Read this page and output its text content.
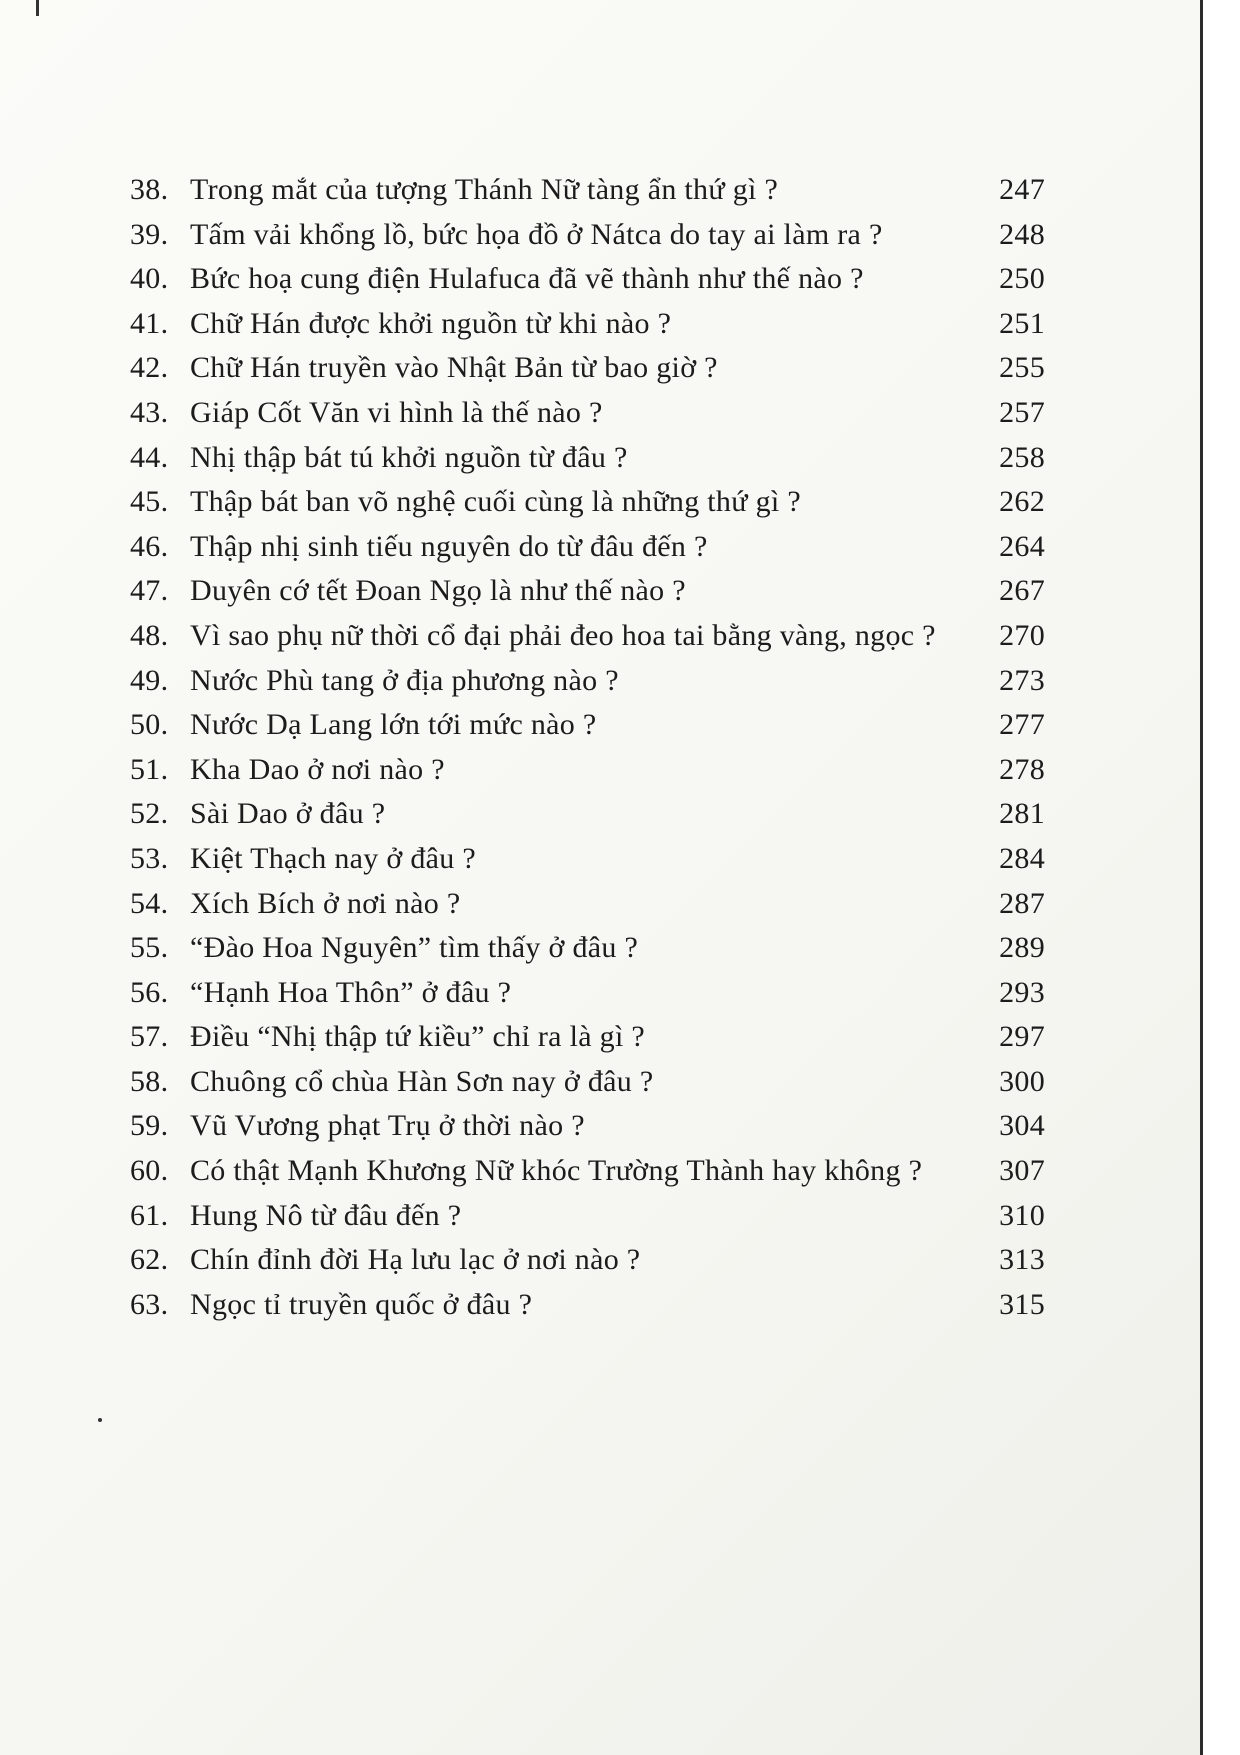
38. Trong mắt của tượng Thánh Nữ tàng ẩn thứ gì ?	247
39. Tấm vải khổng lồ, bức họa đồ ở Nátca do tay ai làm ra ?	248
40. Bức hoạ cung điện Hulafuca đã vẽ thành như thế nào ?	250
41. Chữ Hán được khởi nguồn từ khi nào ?	251
42. Chữ Hán truyền vào Nhật Bản từ bao giờ ?	255
43. Giáp Cốt Văn vi hình là thế nào ?	257
44. Nhị thập bát tú khởi nguồn từ đâu ?	258
45. Thập bát ban võ nghệ cuối cùng là những thứ gì ?	262
46. Thập nhị sinh tiếu nguyên do từ đâu đến ?	264
47. Duyên cớ tết Đoan Ngọ là như thế nào ?	267
48. Vì sao phụ nữ thời cổ đại phải đeo hoa tai bằng vàng, ngọc ?	270
49. Nước Phù tang ở địa phương nào ?	273
50. Nước Dạ Lang lớn tới mức nào ?	277
51. Kha Dao ở nơi nào ?	278
52. Sài Dao ở đâu ?	281
53. Kiệt Thạch nay ở đâu ?	284
54. Xích Bích ở nơi nào ?	287
55. “Đào Hoa Nguyên” tìm thấy ở đâu ?	289
56. “Hạnh Hoa Thôn” ở đâu ?	293
57. Điều “Nhị thập tứ kiều” chỉ ra là gì ?	297
58. Chuông cổ chùa Hàn Sơn nay ở đâu ?	300
59. Vũ Vương phạt Trụ ở thời nào ?	304
60. Có thật Mạnh Khương Nữ khóc Trường Thành hay không ?	307
61. Hung Nô từ đâu đến ?	310
62. Chín đỉnh đời Hạ lưu lạc ở nơi nào ?	313
63. Ngọc tỉ truyền quốc ở đâu ?	315
